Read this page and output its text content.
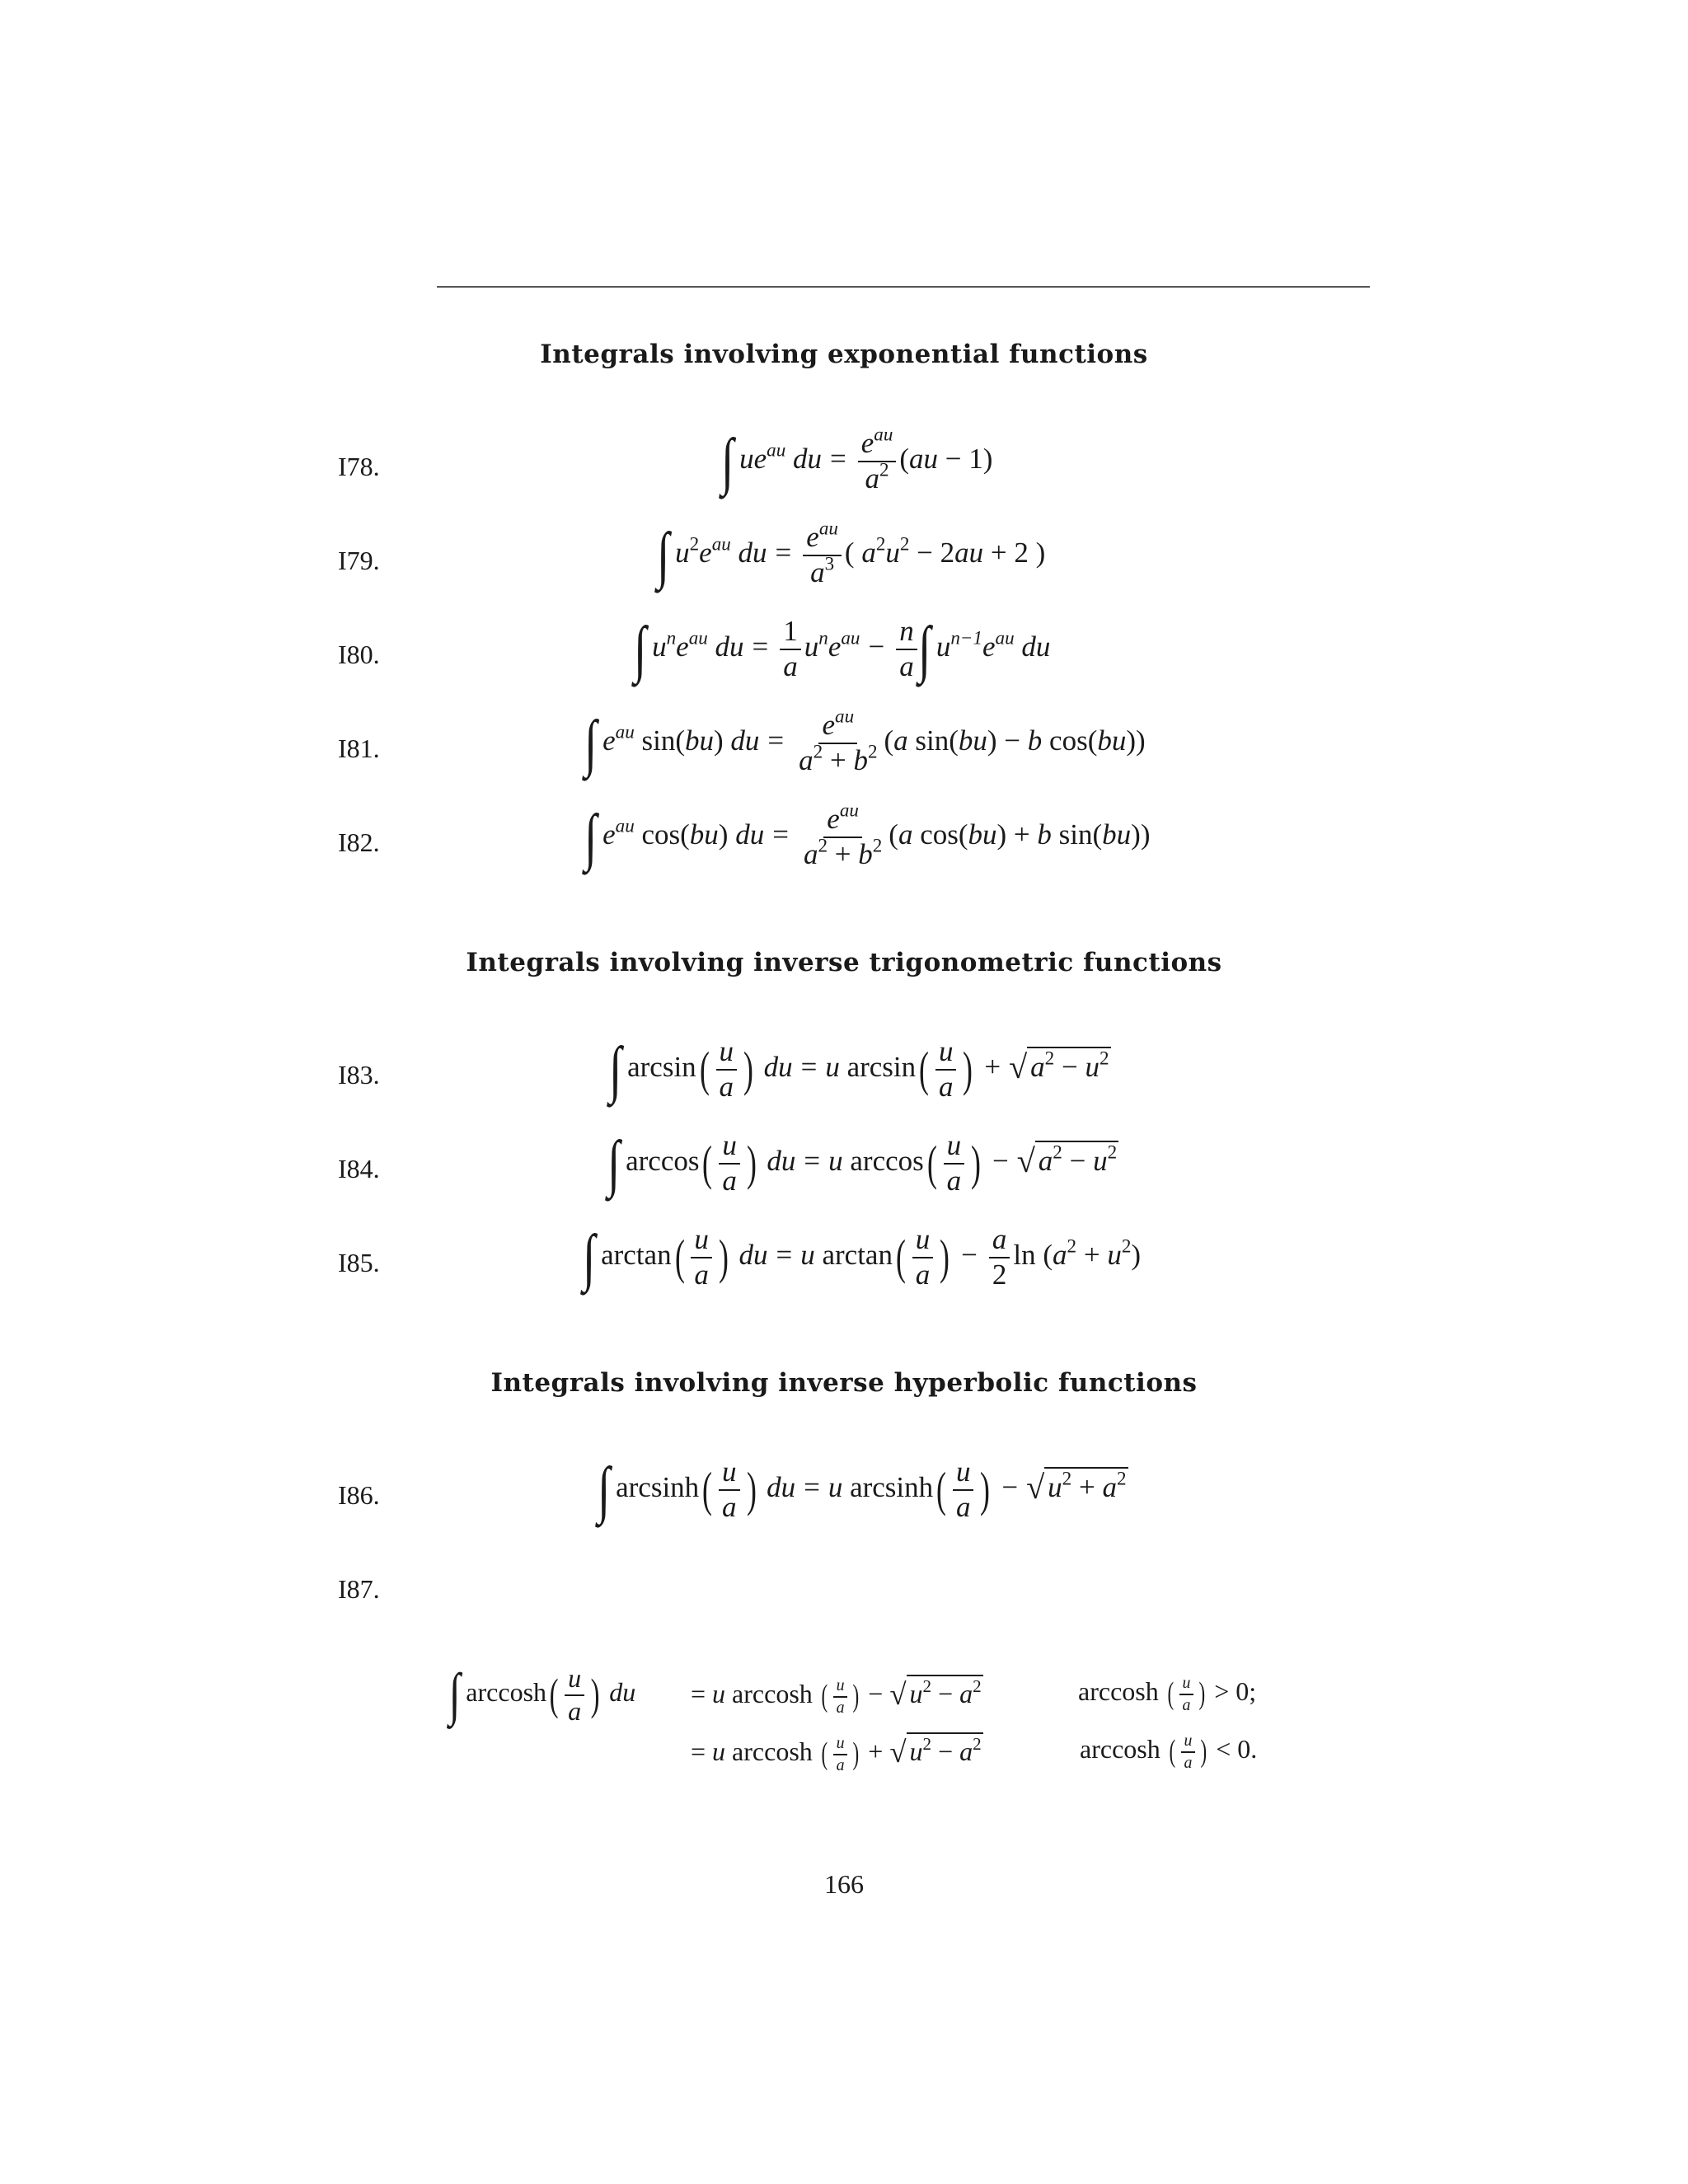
Integrals involving exponential functions
I78.	∫ $ue^{au}$ du = $\frac{e^{au}}{a^2} (au - 1)$
I79.	∫ $u^2e^{au}$ du = $\frac{e^{au}}{a^3}$ ( $a^2u^2 - 2au + 2$ )
I80.	∫ $u^ne^{au}$ du = $\frac{1}{a} u^ne^{au} - \frac{n}{a}$ ∫ $u^{n-1}e^{au}$ du
I81.	∫ $e^{au}$ sin(bu) du = $\frac{e^{au}}{a^2 + b^2} (a$ sin(bu) − b cos(bu))
I82.	∫ $e^{au}$ cos(bu) du = $\frac{e^{au}}{a^2 + b^2} (a$ cos(bu) + b sin(bu))
Integrals involving inverse trigonometric functions
I83.	∫ $\arcsin( \frac{u}{a}$ ) du = u $\arcsin( \frac{u}{a}$ ) + √ $a^2 - u^2$
I84.	∫ $\arccos( \frac{u}{a}$ ) du = u $\arccos( \frac{u}{a}$ ) − √ $a^2 - u^2$
I85.	∫ $\arctan( \frac{u}{a}$ ) du = u $\arctan( \frac{u}{a}$ ) − $\frac{a}{2}$ $\ln (a^2 + u^2)$
Integrals involving inverse hyperbolic functions
I86.	∫ $\arcsin h( \frac{u}{a}$ ) du = u $\arcsin h( \frac{u}{a}$ ) − √ $u^2 + a^2$
I87.
∫ $\arccos h( \frac{u}{a}$ ) du = u arccosh ( $\frac{u}{a}$ ) − √ $u^2 - a^2$	arccosh ( $\frac{u}{a}$ ) > 0;
= u arccosh ( $\frac{u}{a}$ ) + √ $u^2 - a^2$	arccosh ( $\frac{u}{a}$ ) < 0.
166
